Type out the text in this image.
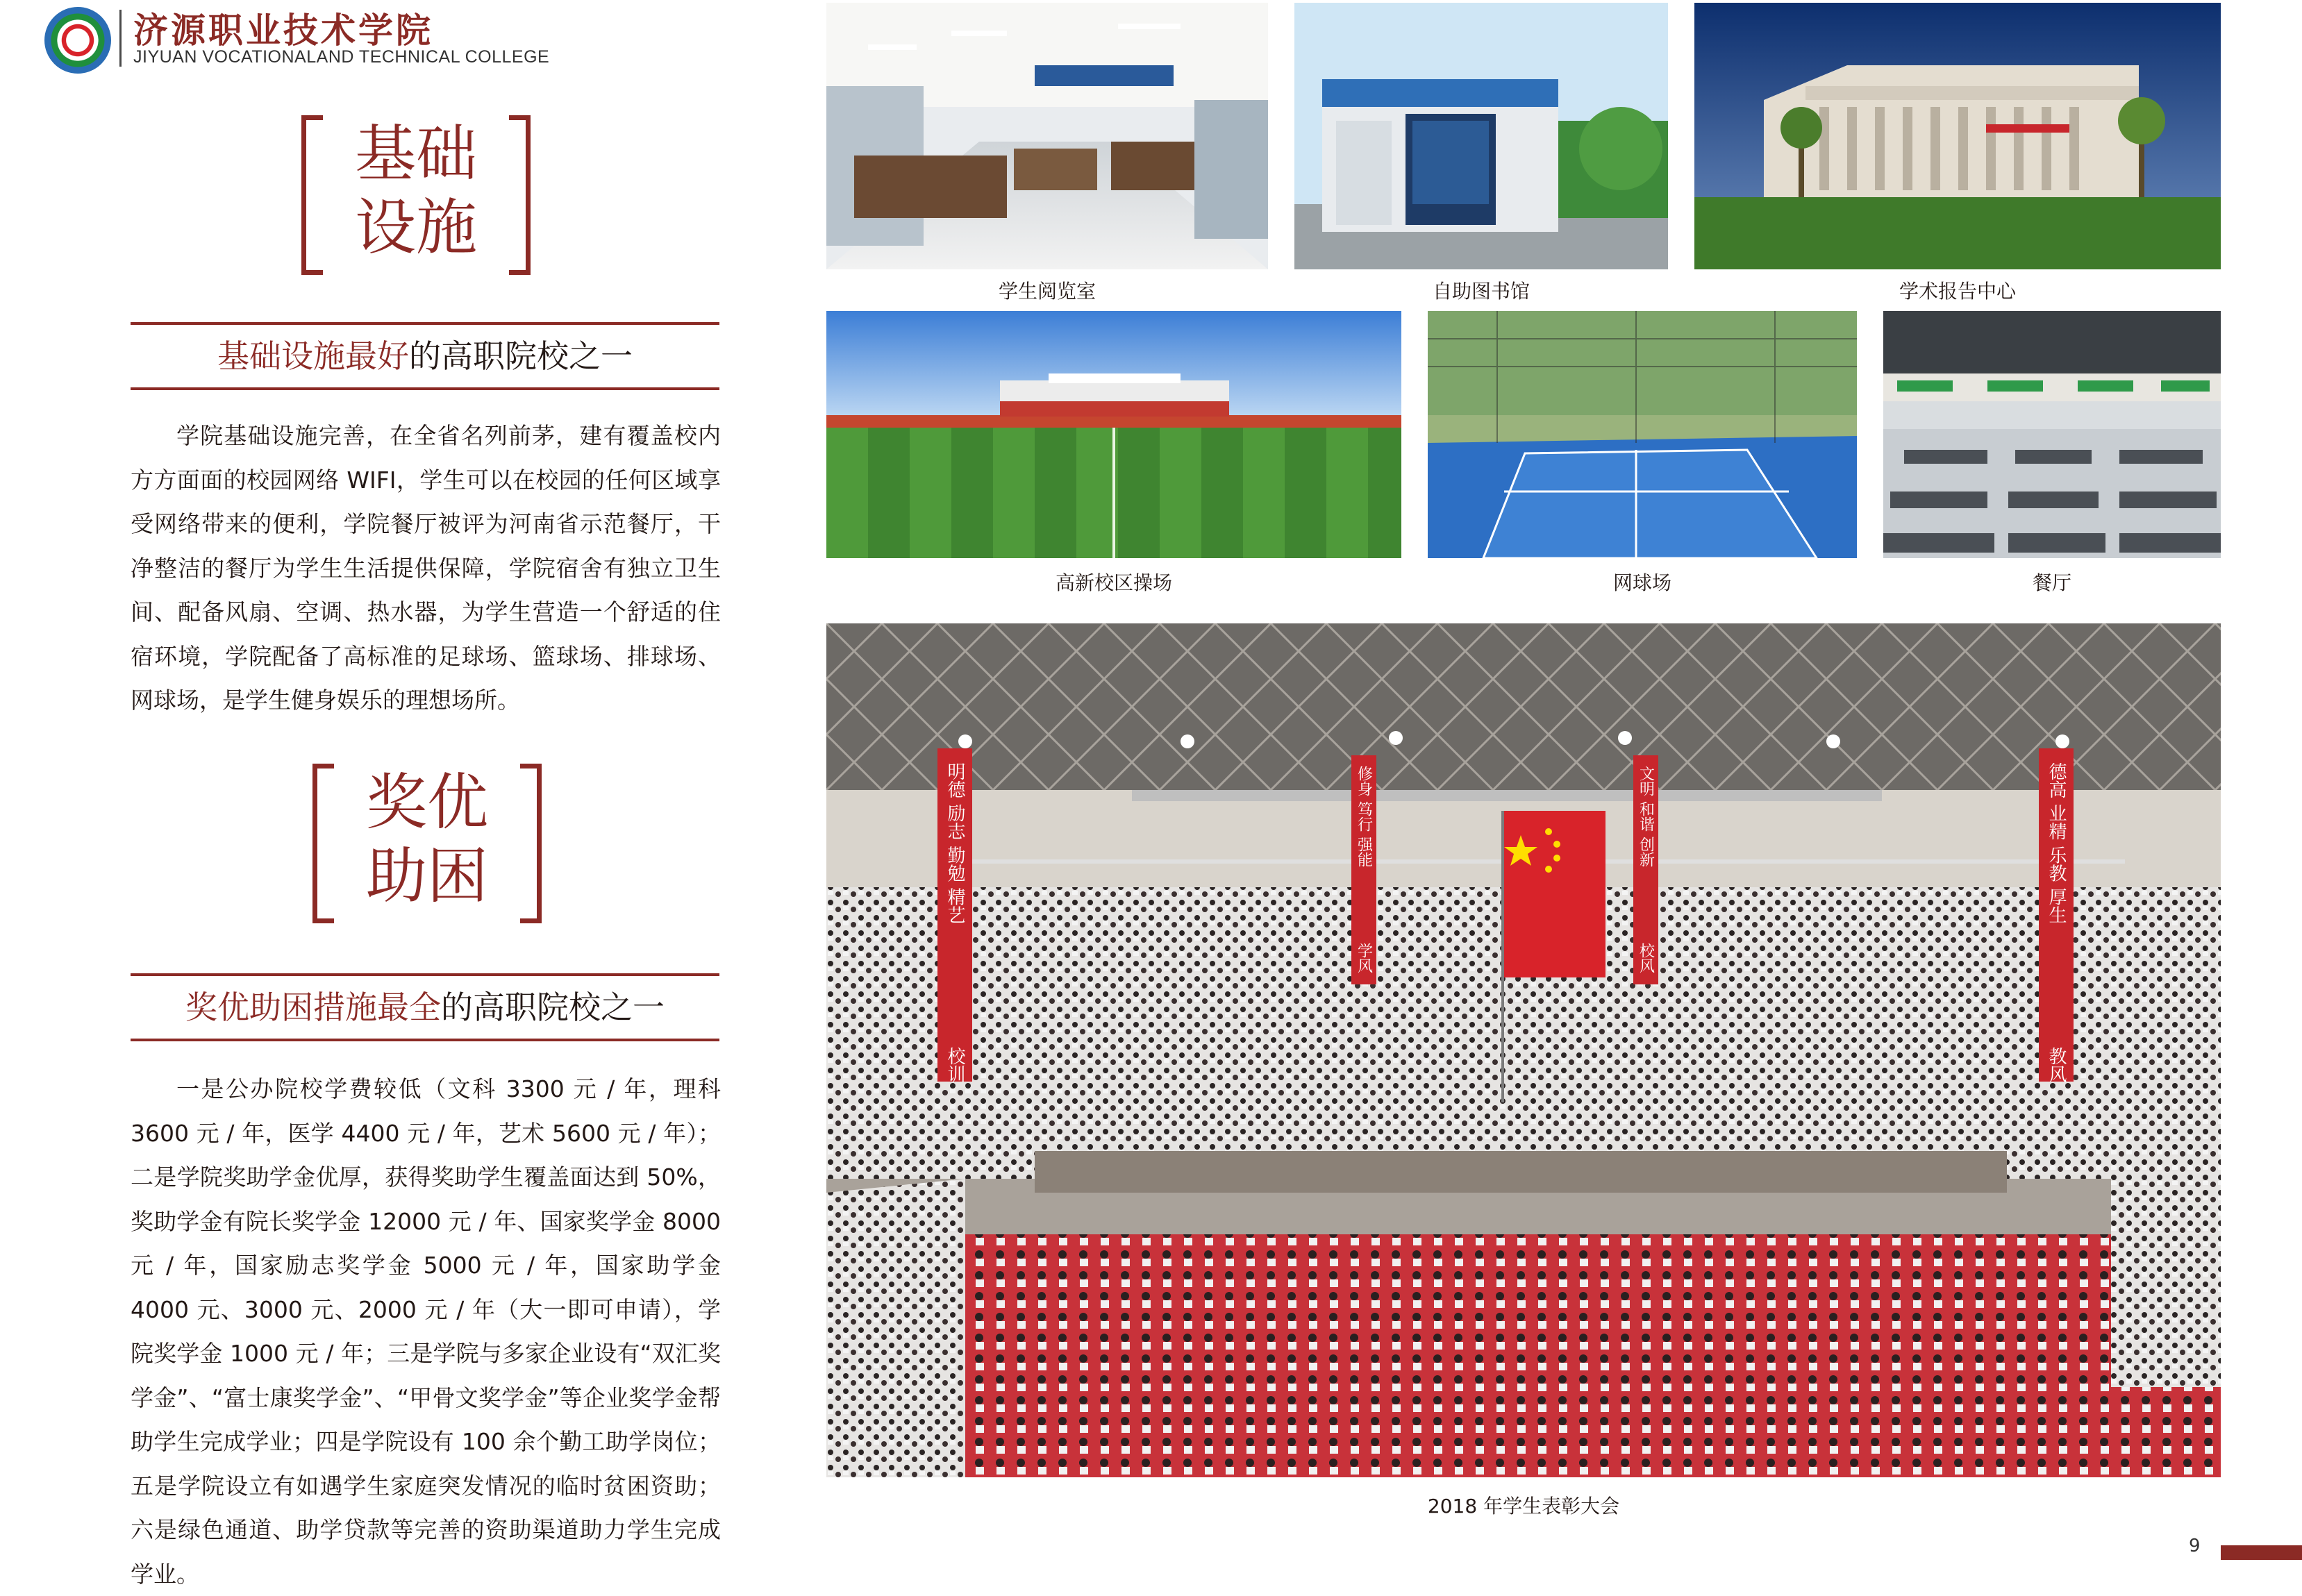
济源职业技术学院
JIYUAN VOCATIONALAND TECHNICAL COLLEGE
基础
设施
基础设施最好的高职院校之一
学院基础设施完善，在全省名列前茅，建有覆盖校内方方面面的校园网络 WIFI，学生可以在校园的任何区域享受网络带来的便利，学院餐厅被评为河南省示范餐厅，干净整洁的餐厅为学生生活提供保障，学院宿舍有独立卫生间、配备风扇、空调、热水器，为学生营造一个舒适的住宿环境，学院配备了高标准的足球场、篮球场、排球场、网球场，是学生健身娱乐的理想场所。
奖优
助困
奖优助困措施最全的高职院校之一
一是公办院校学费较低（文科 3300 元 / 年，理科 3600 元 / 年，医学 4400 元 / 年，艺术 5600 元 / 年）；二是学院奖助学金优厚，获得奖助学生覆盖面达到 50%，奖助学金有院长奖学金 12000 元 / 年、国家奖学金 8000 元 / 年，国家励志奖学金 5000 元 / 年，国家助学金 4000 元、3000 元、2000 元 / 年（大一即可申请），学院奖学金 1000 元 / 年；三是学院与多家企业设有“双汇奖学金”、“富士康奖学金”、“甲骨文奖学金”等企业奖学金帮助学生完成学业；四是学院设有 100 余个勤工助学岗位；五是学院设立有如遇学生家庭突发情况的临时贫困资助；六是绿色通道、助学贷款等完善的资助渠道助力学生完成学业。
学生阅览室	自助图书馆	学术报告中心
高新校区操场	网球场	餐厅
明德 励志 勤勉 精艺
校训
修身 笃行 强能
学风
文明 和谐 创新
校风
德高 业精 乐教 厚生
教风
2018 年学生表彰大会
9
